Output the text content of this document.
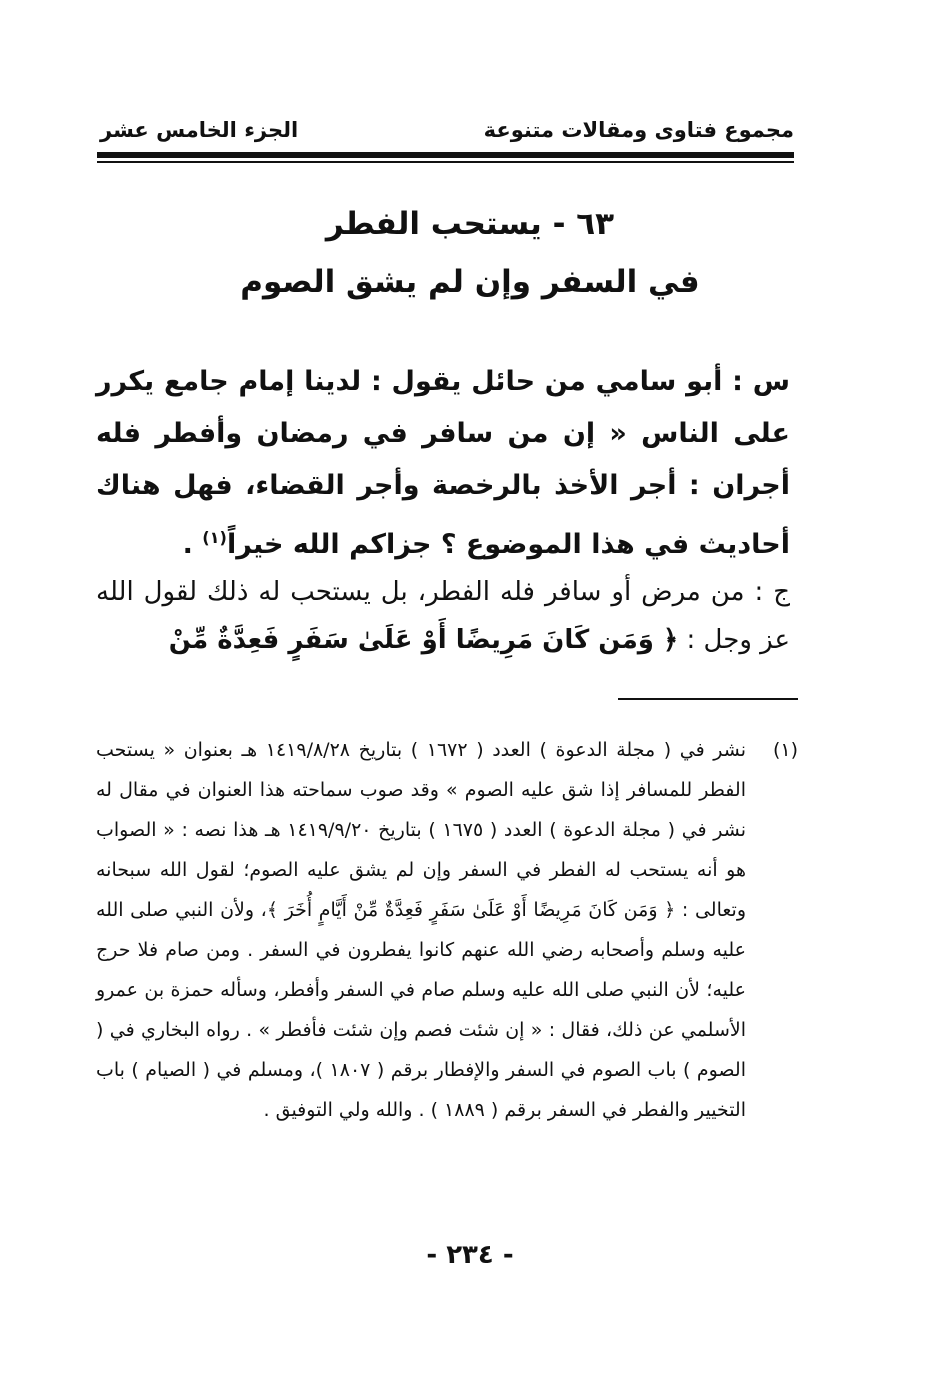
مجموع فتاوى ومقالات متنوعة
الجزء الخامس عشر
٦٣ - يستحب الفطر
في السفر وإن لم يشق الصوم

س : أبو سامي من حائل يقول : لدينا إمام جامع يكرر على الناس « إن من سافر في رمضان وأفطر فله أجران : أجر الأخذ بالرخصة وأجر القضاء، فهل هناك أحاديث في هذا الموضوع ؟ جزاكم الله خيراً$^{(١)}$ .

ج : من مرض أو سافر فله الفطر، بل يستحب له ذلك لقول الله عز وجل : ﴿ وَمَن كَانَ مَرِيضًا أَوْ عَلَىٰ سَفَرٍ فَعِدَّةٌ مِّنْ

(١)

نشر في ( مجلة الدعوة ) العدد ( ١٦٧٢ ) بتاريخ ١٤١٩/٨/٢٨ هـ بعنوان « يستحب الفطر للمسافر إذا شق عليه الصوم » وقد صوب سماحته هذا العنوان في مقال له نشر في ( مجلة الدعوة ) العدد ( ١٦٧٥ ) بتاريخ ١٤١٩/٩/٢٠ هـ هذا نصه : « الصواب هو أنه يستحب له الفطر في السفر وإن لم يشق عليه الصوم؛ لقول الله سبحانه وتعالى : ﴿ وَمَن كَانَ مَرِيضًا أَوْ عَلَىٰ سَفَرٍ فَعِدَّةٌ مِّنْ أَيَّامٍ أُخَرَ ﴾، ولأن النبي صلى الله عليه وسلم وأصحابه رضي الله عنهم كانوا يفطرون في السفر . ومن صام فلا حرج عليه؛ لأن النبي صلى الله عليه وسلم صام في السفر وأفطر، وسأله حمزة بن عمرو الأسلمي عن ذلك، فقال : « إن شئت فصم وإن شئت فأفطر » . رواه البخاري في ( الصوم ) باب الصوم في السفر والإفطار برقم ( ١٨٠٧ )، ومسلم في ( الصيام ) باب التخيير والفطر في السفر برقم ( ١٨٨٩ ) . والله ولي التوفيق .

- ٢٣٤ -
